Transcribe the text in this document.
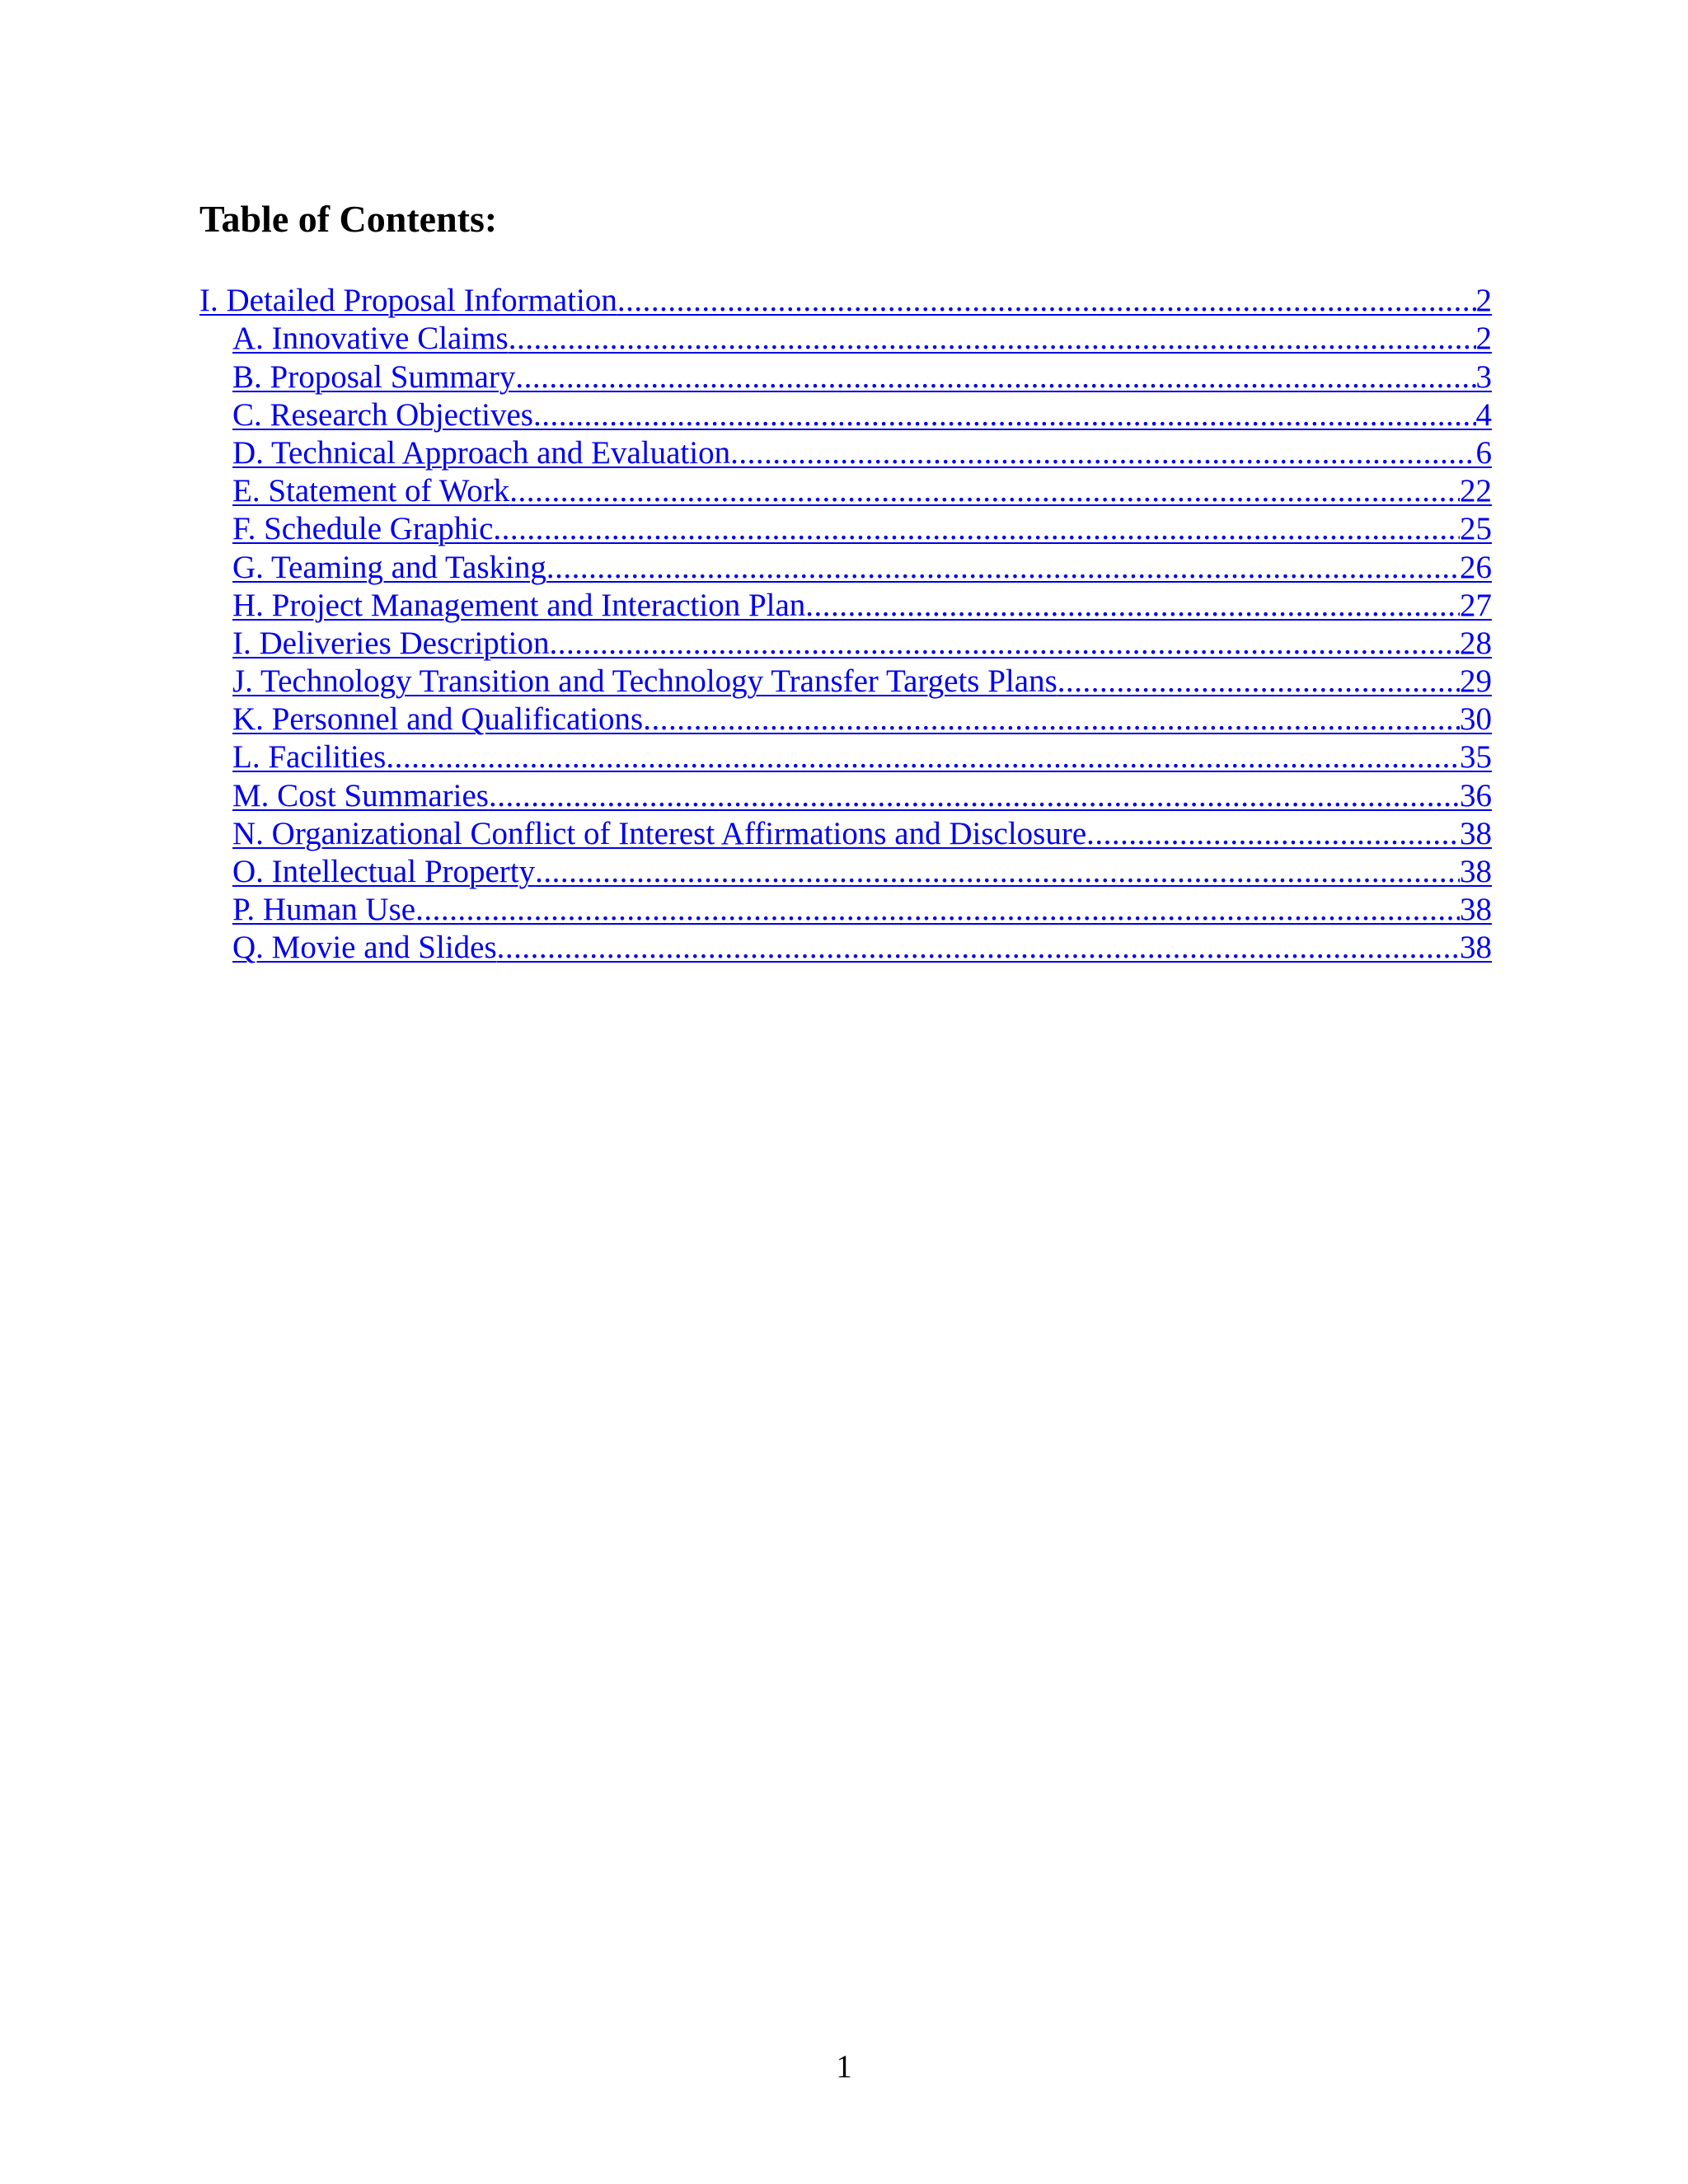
Table of Contents:
I. Detailed Proposal Information .....	2
A. Innovative Claims .....	2
B. Proposal Summary .....	3
C. Research Objectives .....	4
D. Technical Approach and Evaluation .....	6
E. Statement of Work .....	22
F. Schedule Graphic .....	25
G. Teaming and Tasking .....	26
H. Project Management and Interaction Plan .....	27
I. Deliveries Description .....	28
J. Technology Transition and Technology Transfer Targets Plans .....	29
K. Personnel and Qualifications .....	30
L. Facilities .....	35
M. Cost Summaries .....	36
N. Organizational Conflict of Interest Affirmations and Disclosure .....	38
O. Intellectual Property .....	38
P. Human Use .....	38
Q. Movie and Slides .....	38
1
